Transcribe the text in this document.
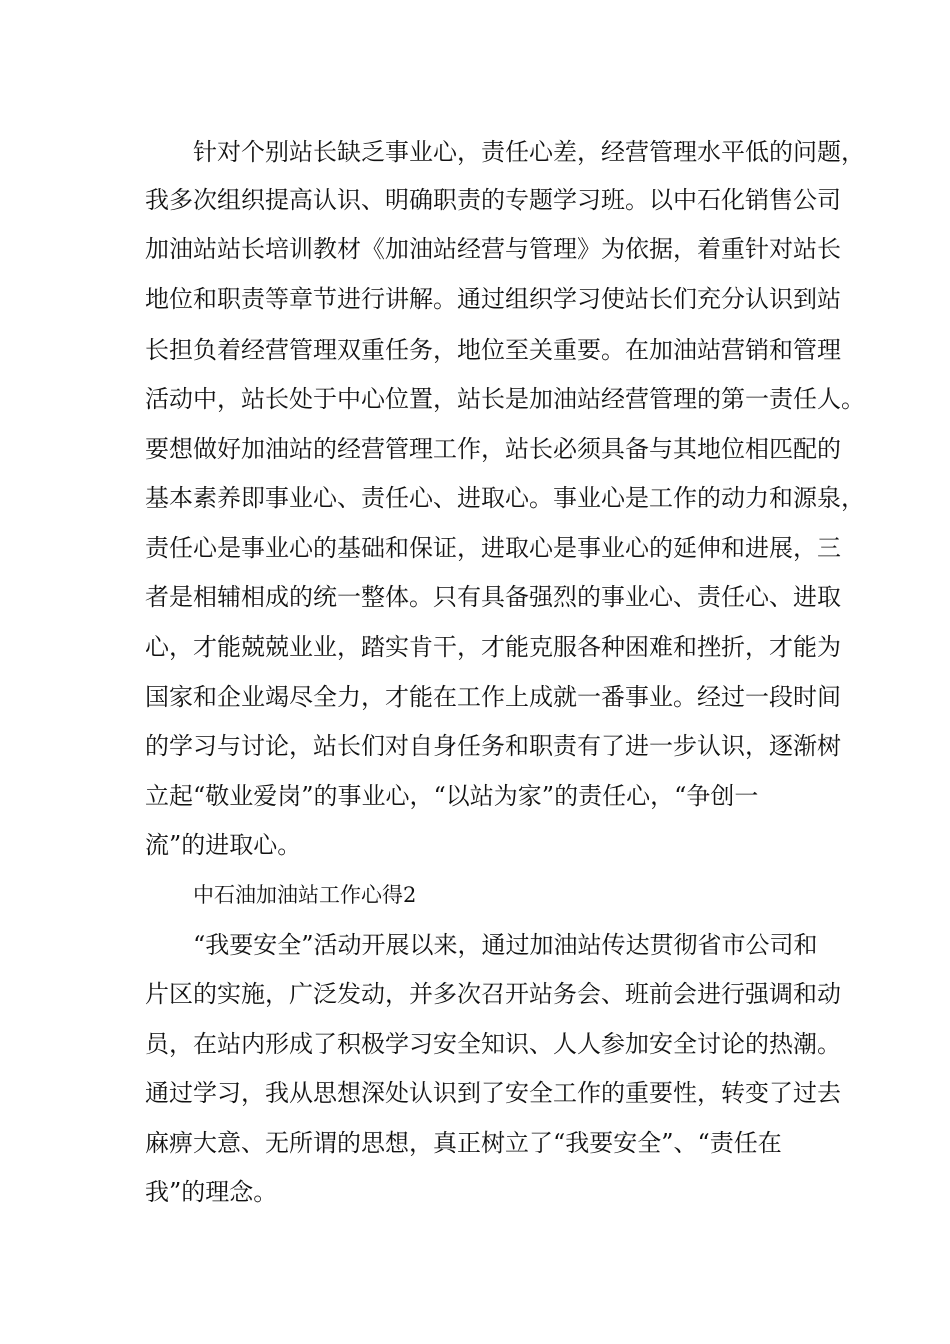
针对个别站长缺乏事业心，责任心差，经营管理水平低的问题，
我多次组织提高认识、明确职责的专题学习班。以中石化销售公司
加油站站长培训教材《加油站经营与管理》为依据，着重针对站长
地位和职责等章节进行讲解。通过组织学习使站长们充分认识到站
长担负着经营管理双重任务，地位至关重要。在加油站营销和管理
活动中，站长处于中心位置，站长是加油站经营管理的第一责任人。
要想做好加油站的经营管理工作，站长必须具备与其地位相匹配的
基本素养即事业心、责任心、进取心。事业心是工作的动力和源泉，
责任心是事业心的基础和保证，进取心是事业心的延伸和进展，三
者是相辅相成的统一整体。只有具备强烈的事业心、责任心、进取
心，才能兢兢业业，踏实肯干，才能克服各种困难和挫折，才能为
国家和企业竭尽全力，才能在工作上成就一番事业。经过一段时间
的学习与讨论，站长们对自身任务和职责有了进一步认识，逐渐树
立起“敬业爱岗”的事业心，“以站为家”的责任心，“争创一
流”的进取心。
中石油加油站工作心得2
“我要安全”活动开展以来，通过加油站传达贯彻省市公司和
片区的实施，广泛发动，并多次召开站务会、班前会进行强调和动
员，在站内形成了积极学习安全知识、人人参加安全讨论的热潮。
通过学习，我从思想深处认识到了安全工作的重要性，转变了过去
麻痹大意、无所谓的思想，真正树立了“我要安全”、“责任在
我”的理念。
